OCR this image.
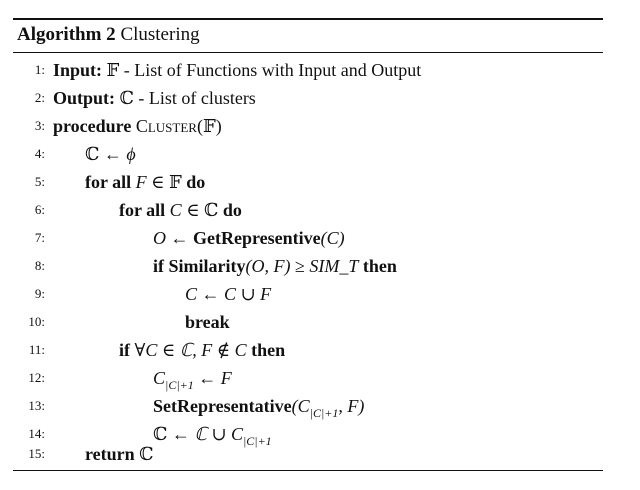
Algorithm 2 Clustering
1: Input: 𝔽 - List of Functions with Input and Output
2: Output: ℂ - List of clusters
3: procedure Cluster(𝔽)
4: ℂ ← ϕ
5: for all F ∈ 𝔽 do
6:	for all C ∈ ℂ do
7:	O ← GetRepresentive(C)
8:	if Similarity(O, F) ≥ SIM_T then
9:	C ← C ∪ F
10:	break
11:	if ∀C ∈ ℂ, F ∉ C then
12:	$C_{|C|+1}$ ← F
13:	$SetRepresentative(C_{|C|+1}$, F)
14:	ℂ ← ℂ ∪ $C_{|C|+1}$
15: return ℂ
